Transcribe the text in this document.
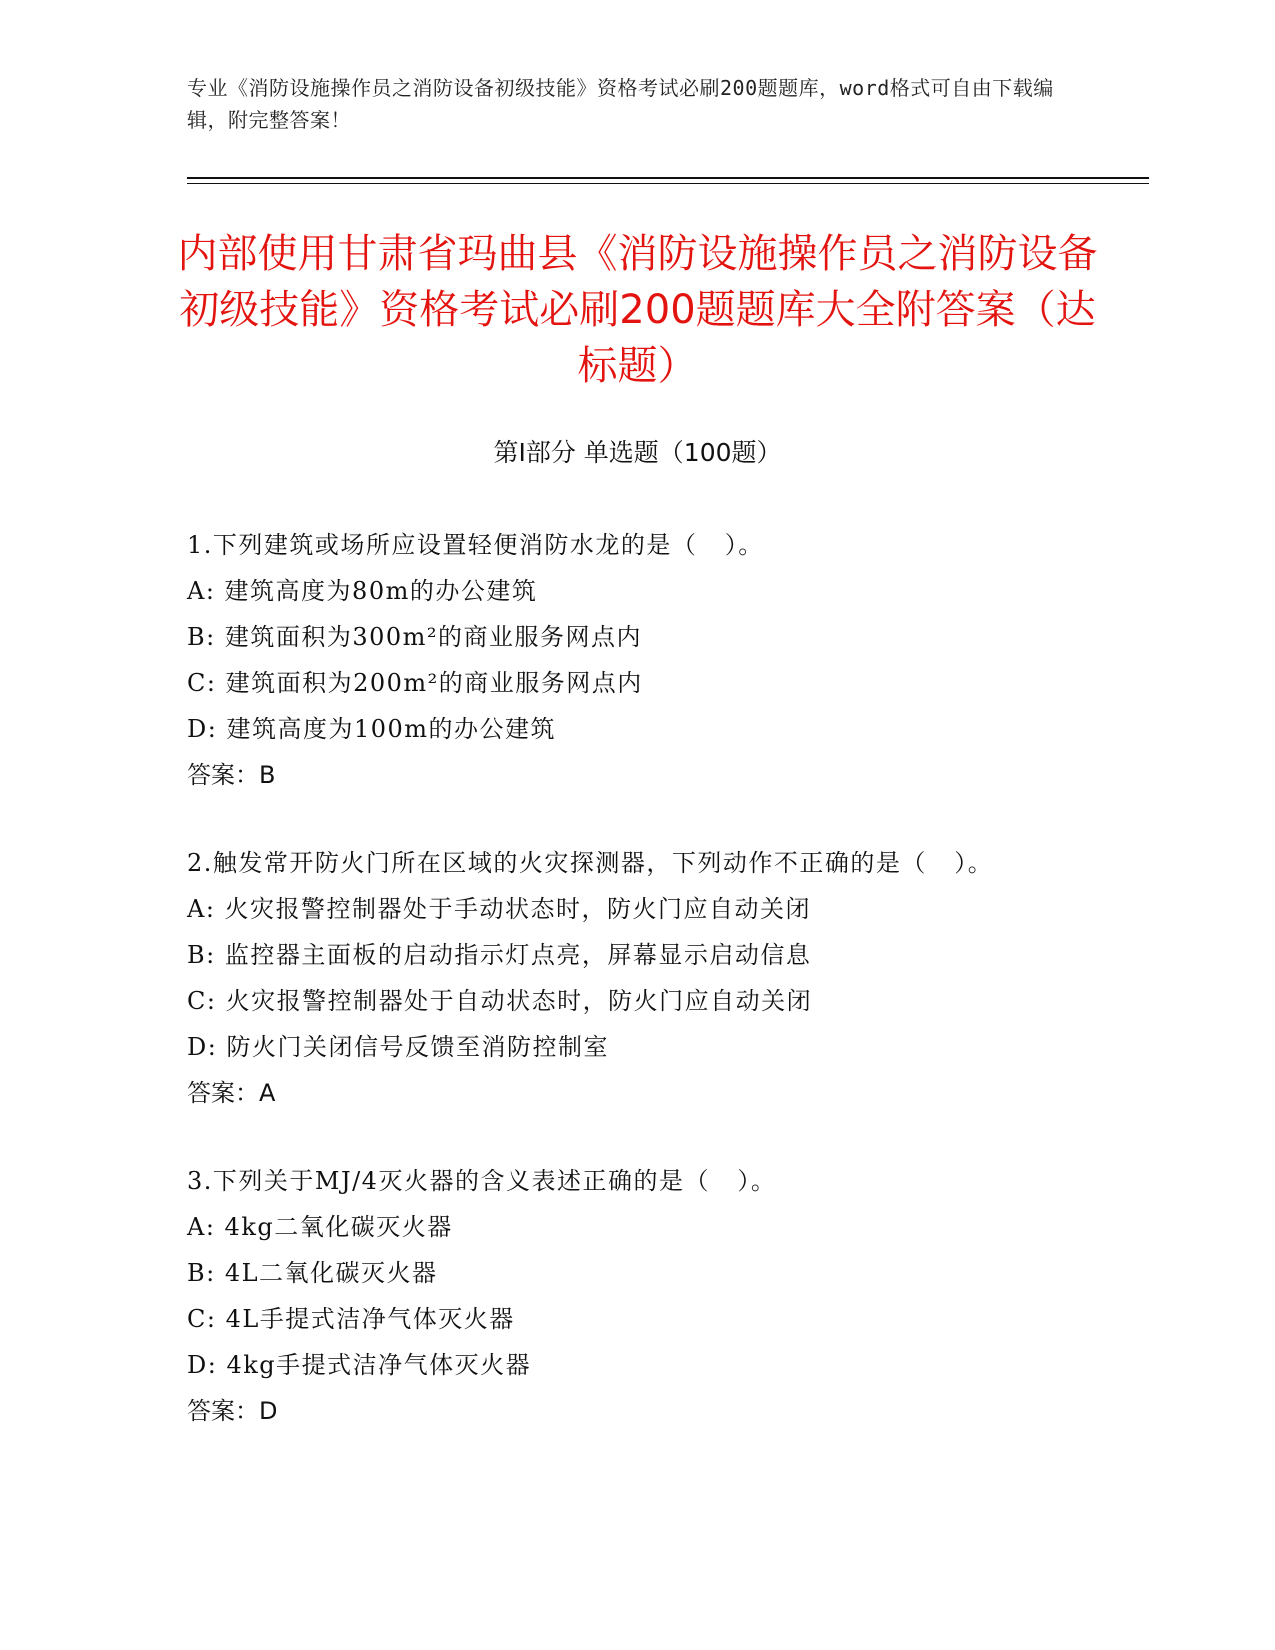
专业《消防设施操作员之消防设备初级技能》资格考试必刷200题题库，word格式可自由下载编辑，附完整答案！
内部使用甘肃省玛曲县《消防设施操作员之消防设备初级技能》资格考试必刷200题题库大全附答案（达标题）
第Ⅰ部分 单选题（100题）

1.下列建筑或场所应设置轻便消防水龙的是（   ）。

A: 建筑高度为80m的办公建筑

B: 建筑面积为300m²的商业服务网点内

C: 建筑面积为200m²的商业服务网点内

D: 建筑高度为100m的办公建筑

答案：B

2.触发常开防火门所在区域的火灾探测器，下列动作不正确的是（   ）。

A: 火灾报警控制器处于手动状态时，防火门应自动关闭

B: 监控器主面板的启动指示灯点亮，屏幕显示启动信息

C: 火灾报警控制器处于自动状态时，防火门应自动关闭

D: 防火门关闭信号反馈至消防控制室

答案：A

3.下列关于MJ/4灭火器的含义表述正确的是（   ）。

A: 4kg二氧化碳灭火器

B: 4L二氧化碳灭火器

C: 4L手提式洁净气体灭火器

D: 4kg手提式洁净气体灭火器

答案：D
